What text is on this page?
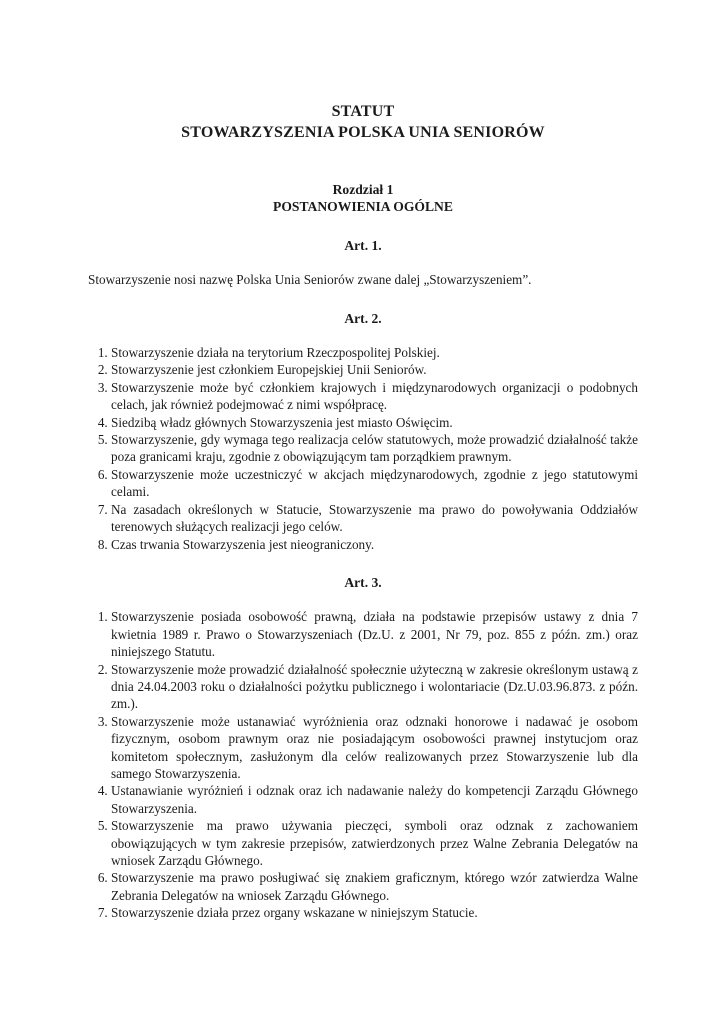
STATUT
STOWARZYSZENIA POLSKA UNIA SENIORÓW
Rozdział 1
POSTANOWIENIA OGÓLNE
Art. 1.

Stowarzyszenie nosi nazwę Polska Unia Seniorów zwane dalej „Stowarzyszeniem”.

Art. 2.
1. Stowarzyszenie działa na terytorium Rzeczpospolitej Polskiej.
2. Stowarzyszenie jest członkiem Europejskiej Unii Seniorów.
3. Stowarzyszenie może być członkiem krajowych i międzynarodowych organizacji o podobnych celach, jak również podejmować z nimi współpracę.
4. Siedzibą władz głównych Stowarzyszenia jest miasto Oświęcim.
5. Stowarzyszenie, gdy wymaga tego realizacja celów statutowych, może prowadzić działalność także poza granicami kraju, zgodnie z obowiązującym tam porządkiem prawnym.
6. Stowarzyszenie może uczestniczyć w akcjach międzynarodowych, zgodnie z jego statutowymi celami.
7. Na zasadach określonych w Statucie, Stowarzyszenie ma prawo do powoływania Oddziałów terenowych służących realizacji jego celów.
8. Czas trwania Stowarzyszenia jest nieograniczony.
Art. 3.
1. Stowarzyszenie posiada osobowość prawną, działa na podstawie przepisów ustawy z dnia 7 kwietnia 1989 r. Prawo o Stowarzyszeniach (Dz.U. z 2001, Nr 79, poz. 855 z późn. zm.) oraz niniejszego Statutu.
2. Stowarzyszenie może prowadzić działalność społecznie użyteczną w zakresie określonym ustawą z dnia 24.04.2003 roku o działalności pożytku publicznego i wolontariacie (Dz.U.03.96.873. z późn. zm.).
3. Stowarzyszenie może ustanawiać wyróżnienia oraz odznaki honorowe i nadawać je osobom fizycznym, osobom prawnym oraz nie posiadającym osobowości prawnej instytucjom oraz komitetom społecznym, zasłużonym dla celów realizowanych przez Stowarzyszenie lub dla samego Stowarzyszenia.
4. Ustanawianie wyróżnień i odznak oraz ich nadawanie należy do kompetencji Zarządu Głównego Stowarzyszenia.
5. Stowarzyszenie ma prawo używania pieczęci, symboli oraz odznak z zachowaniem obowiązujących w tym zakresie przepisów, zatwierdzonych przez Walne Zebrania Delegatów na wniosek Zarządu Głównego.
6. Stowarzyszenie ma prawo posługiwać się znakiem graficznym, którego wzór zatwierdza Walne Zebrania Delegatów na wniosek Zarządu Głównego.
7. Stowarzyszenie działa przez organy wskazane w niniejszym Statucie.
